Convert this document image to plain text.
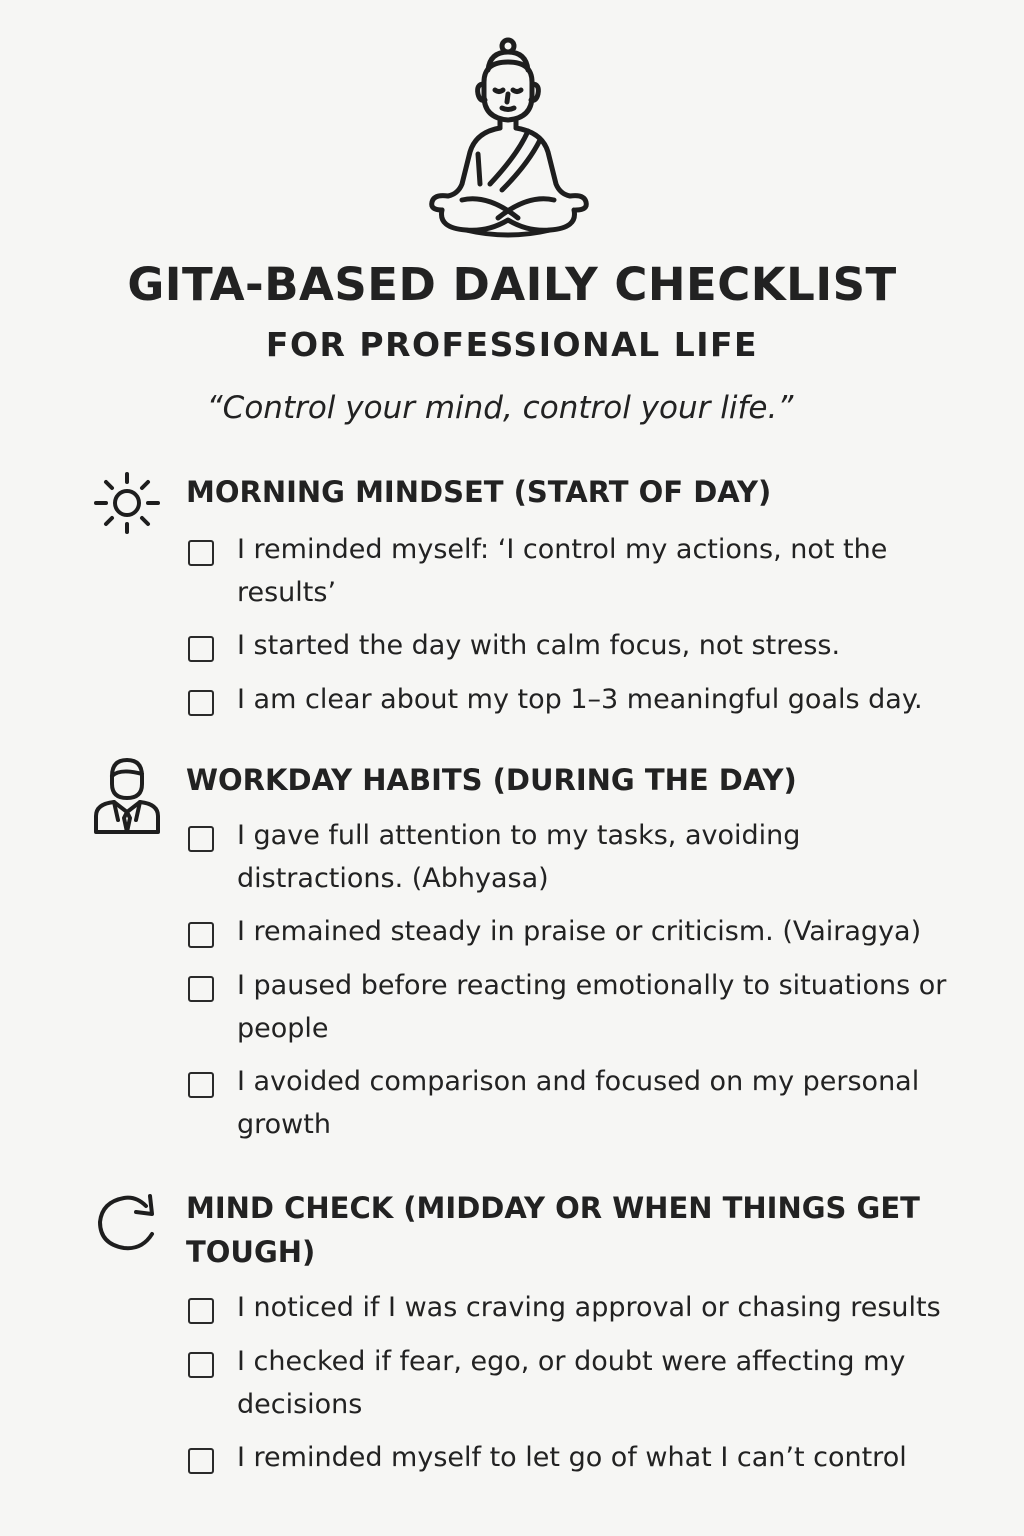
GITA-BASED DAILY CHECKLIST
FOR PROFESSIONAL LIFE
“Control your mind, control your life.”
MORNING MINDSET (START OF DAY)
I reminded myself: ‘I control my actions, not the results’
I started the day with calm focus, not stress.
I am clear about my top 1–3 meaningful goals day.
WORKDAY HABITS (DURING THE DAY)
I gave full attention to my tasks, avoiding distractions. (Abhyasa)
I remained steady in praise or criticism. (Vairagya)
I paused before reacting emotionally to situations or people
I avoided comparison and focused on my personal growth
MIND CHECK (MIDDAY OR WHEN THINGS GET TOUGH)
I noticed if I was craving approval or chasing results
I checked if fear, ego, or doubt were affecting my decisions
I reminded myself to let go of what I can’t control
